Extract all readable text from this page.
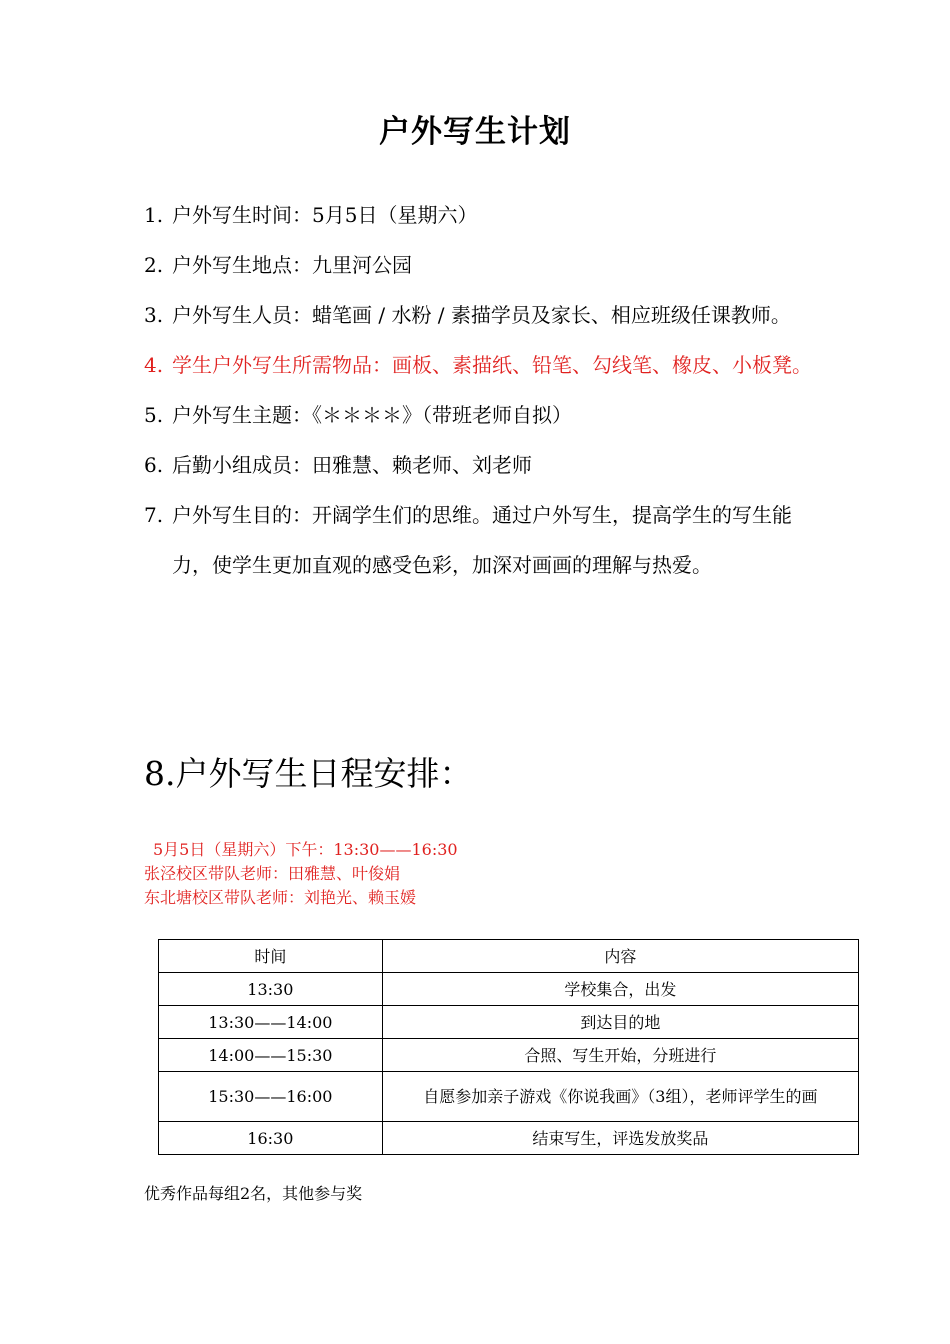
户外写生计划
1. 户外写生时间：5月5日（星期六）
2. 户外写生地点：九里河公园
3. 户外写生人员：蜡笔画 / 水粉 / 素描学员及家长、相应班级任课教师。
4. 学生户外写生所需物品：画板、素描纸、铅笔、勾线笔、橡皮、小板凳。
5. 户外写生主题：《＊＊＊＊》（带班老师自拟）
6. 后勤小组成员：田雅慧、赖老师、刘老师
7. 户外写生目的：开阔学生们的思维。通过户外写生，提高学生的写生能力，使学生更加直观的感受色彩，加深对画画的理解与热爱。
8.户外写生日程安排：
5月5日（星期六）下午：13:30——16:30
张泾校区带队老师：田雅慧、叶俊娟
东北塘校区带队老师：刘艳光、赖玉媛
时间	内容
13:30	学校集合，出发
13:30——14:00	到达目的地
14:00——15:30	合照、写生开始，分班进行
15:30——16:00	自愿参加亲子游戏《你说我画》（3组），老师评学生的画
16:30	结束写生，评选发放奖品
优秀作品每组2名，其他参与奖
